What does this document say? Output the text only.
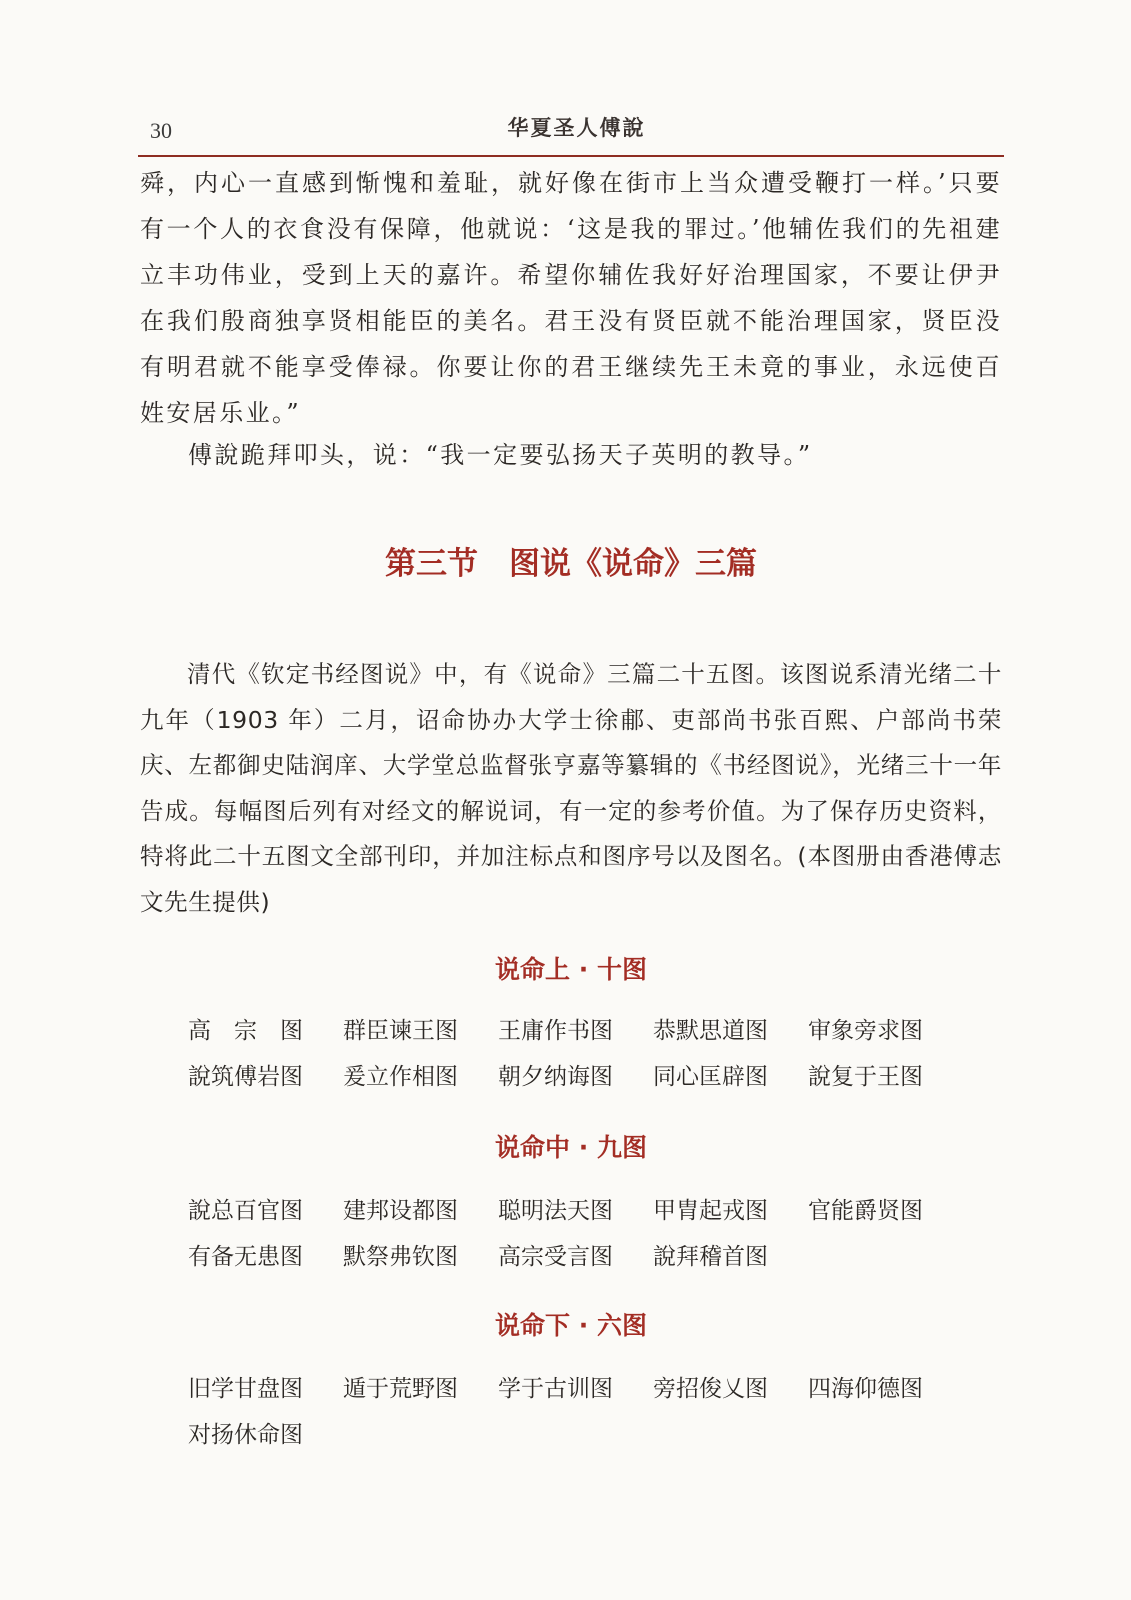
30	华夏圣人傅說

舜，内心一直感到惭愧和羞耻，就好像在街市上当众遭受鞭打一样。’只要有一个人的衣食没有保障，他就说：‘这是我的罪过。’他辅佐我们的先祖建立丰功伟业，受到上天的嘉许。希望你辅佐我好好治理国家，不要让伊尹在我们殷商独享贤相能臣的美名。君王没有贤臣就不能治理国家，贤臣没有明君就不能享受俸禄。你要让你的君王继续先王未竟的事业，永远使百姓安居乐业。”

傅說跪拜叩头，说：“我一定要弘扬天子英明的教导。”

第三节　图说《说命》三篇

清代《钦定书经图说》中，有《说命》三篇二十五图。该图说系清光绪二十九年（1903 年）二月，诏命协办大学士徐郙、吏部尚书张百熙、户部尚书荣庆、左都御史陆润庠、大学堂总监督张亨嘉等纂辑的《书经图说》，光绪三十一年告成。每幅图后列有对经文的解说词，有一定的参考价值。为了保存历史资料，特将此二十五图文全部刊印，并加注标点和图序号以及图名。(本图册由香港傅志文先生提供)

说命上 · 十图
高　宗　图	群臣谏王图	王庸作书图	恭默思道图	审象旁求图
說筑傅岩图	爰立作相图	朝夕纳诲图	同心匡辟图	說复于王图
说命中 · 九图
說总百官图	建邦设都图	聪明法天图	甲胄起戎图	官能爵贤图
有备无患图	默祭弗钦图	高宗受言图	說拜稽首图
说命下 · 六图
旧学甘盘图	遁于荒野图	学于古训图	旁招俊乂图	四海仰德图
对扬休命图
